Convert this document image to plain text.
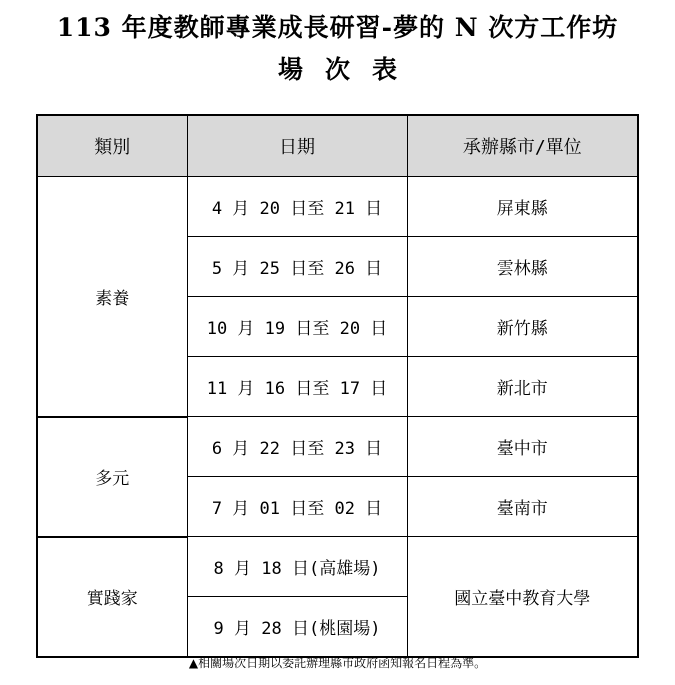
113 年度教師專業成長研習-夢的 N 次方工作坊
場次表
類別	日期	承辦縣市/單位
素養	4 月 20 日至 21 日	屏東縣
	5 月 25 日至 26 日	雲林縣
	10 月 19 日至 20 日	新竹縣
	11 月 16 日至 17 日	新北市
多元	6 月 22 日至 23 日	臺中市
	7 月 01 日至 02 日	臺南市
實踐家	8 月 18 日(高雄場)	國立臺中教育大學
	9 月 28 日(桃園場)	
▲相關場次日期以委託辦理縣市政府函知報名日程為準。
